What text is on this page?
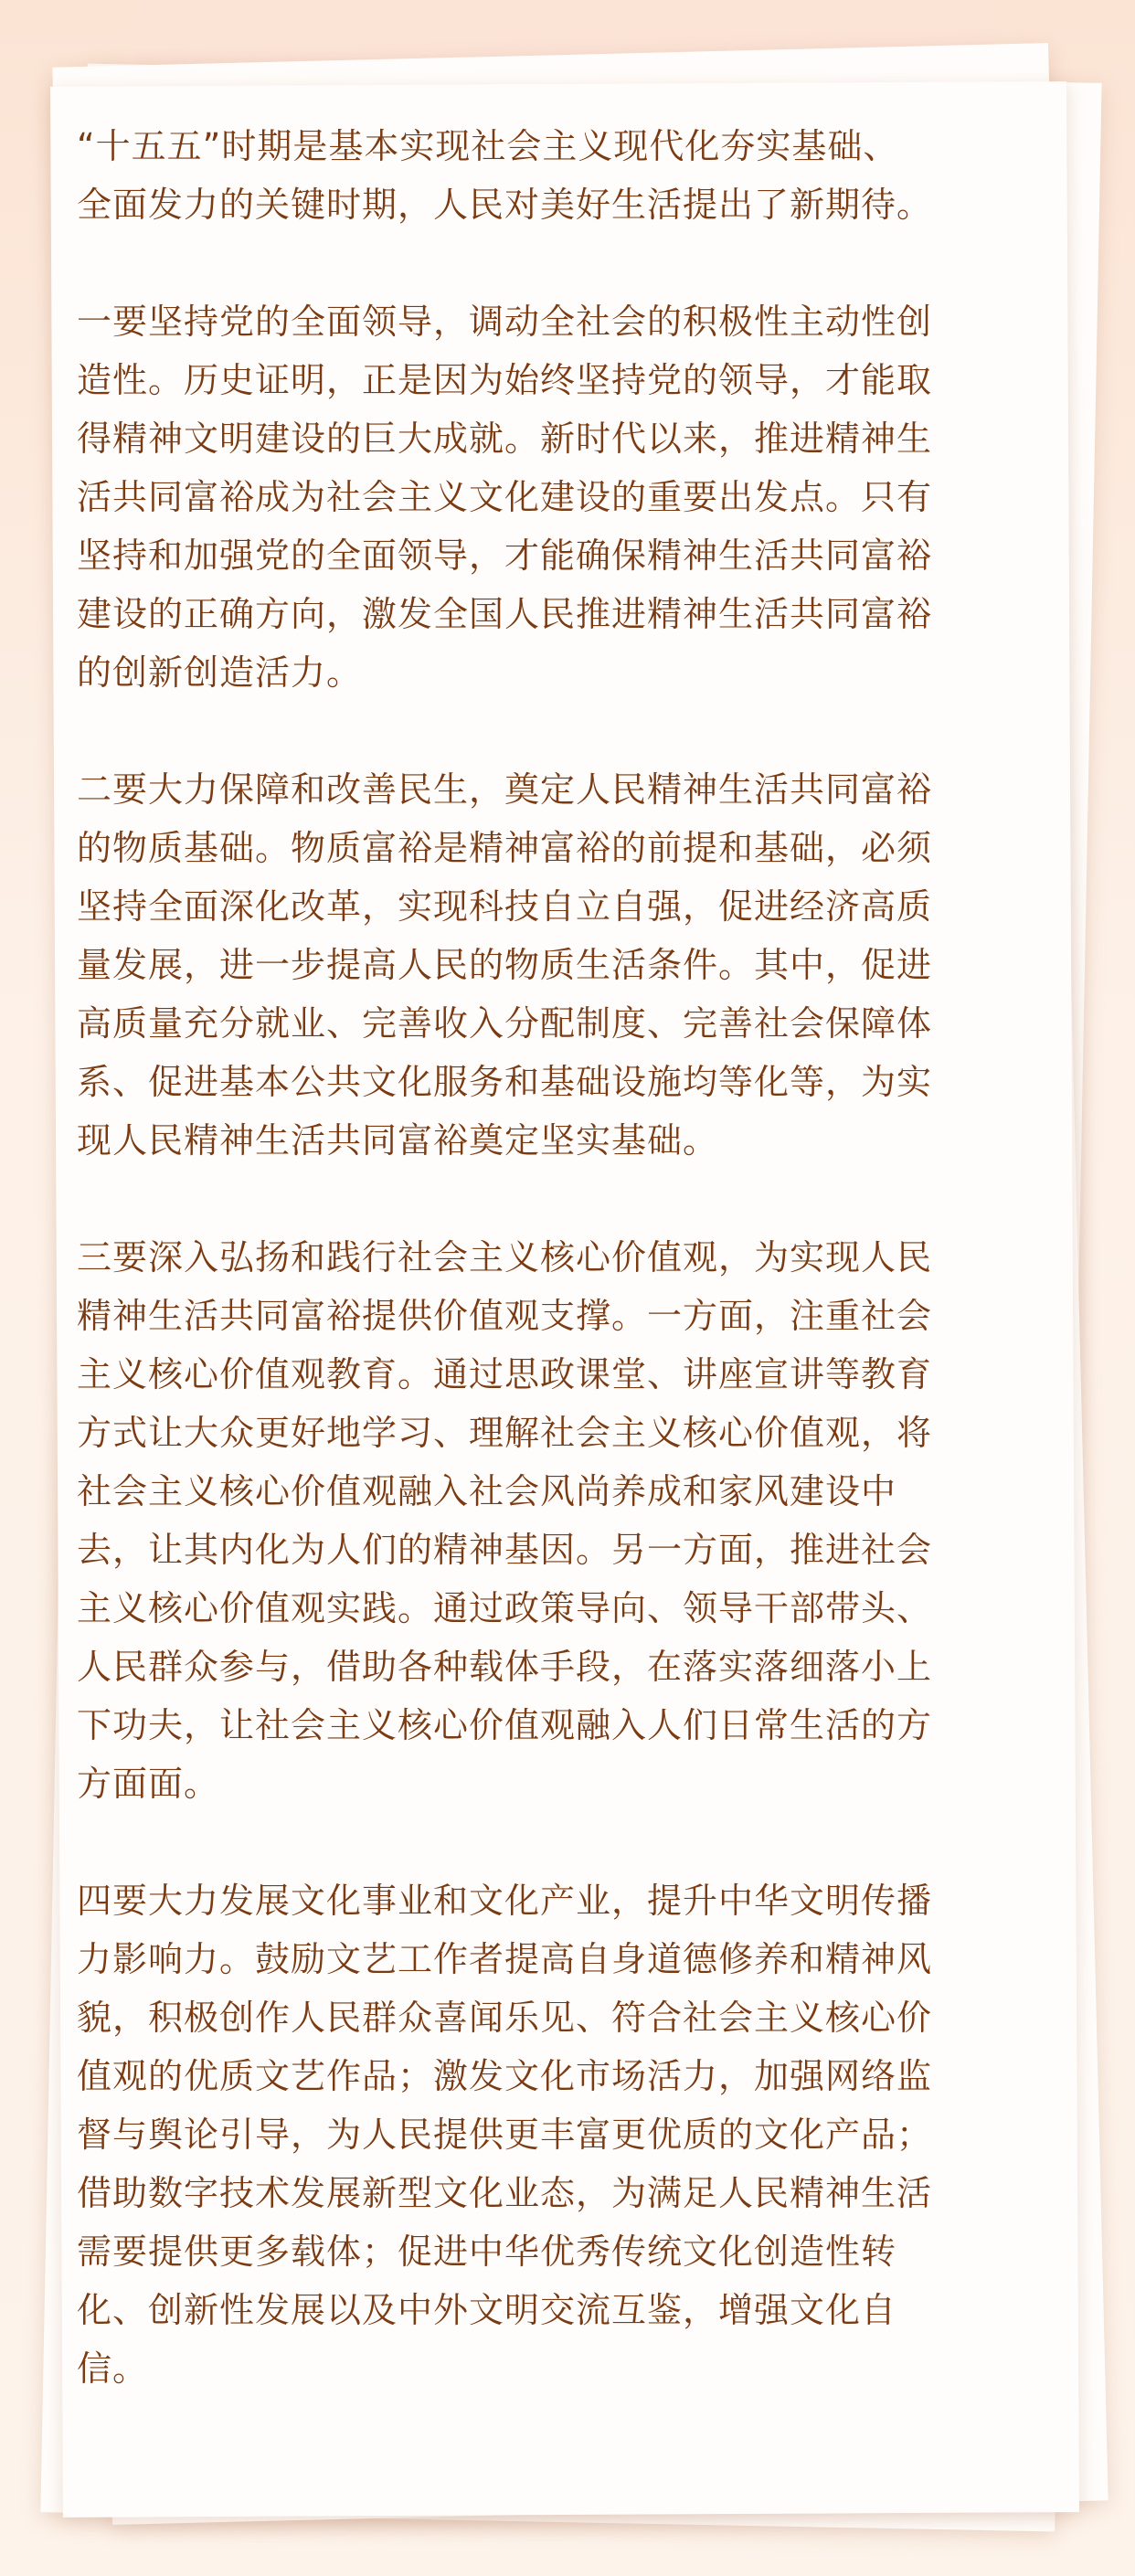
“十五五”时期是基本实现社会主义现代化夯实基础、
全面发力的关键时期，人民对美好生活提出了新期待。
一要坚持党的全面领导，调动全社会的积极性主动性创
造性。历史证明，正是因为始终坚持党的领导，才能取
得精神文明建设的巨大成就。新时代以来，推进精神生
活共同富裕成为社会主义文化建设的重要出发点。只有
坚持和加强党的全面领导，才能确保精神生活共同富裕
建设的正确方向，激发全国人民推进精神生活共同富裕
的创新创造活力。
二要大力保障和改善民生，奠定人民精神生活共同富裕
的物质基础。物质富裕是精神富裕的前提和基础，必须
坚持全面深化改革，实现科技自立自强，促进经济高质
量发展，进一步提高人民的物质生活条件。其中，促进
高质量充分就业、完善收入分配制度、完善社会保障体
系、促进基本公共文化服务和基础设施均等化等，为实
现人民精神生活共同富裕奠定坚实基础。
三要深入弘扬和践行社会主义核心价值观，为实现人民
精神生活共同富裕提供价值观支撑。一方面，注重社会
主义核心价值观教育。通过思政课堂、讲座宣讲等教育
方式让大众更好地学习、理解社会主义核心价值观，将
社会主义核心价值观融入社会风尚养成和家风建设中
去，让其内化为人们的精神基因。另一方面，推进社会
主义核心价值观实践。通过政策导向、领导干部带头、
人民群众参与，借助各种载体手段，在落实落细落小上
下功夫，让社会主义核心价值观融入人们日常生活的方
方面面。
四要大力发展文化事业和文化产业，提升中华文明传播
力影响力。鼓励文艺工作者提高自身道德修养和精神风
貌，积极创作人民群众喜闻乐见、符合社会主义核心价
值观的优质文艺作品；激发文化市场活力，加强网络监
督与舆论引导，为人民提供更丰富更优质的文化产品；
借助数字技术发展新型文化业态，为满足人民精神生活
需要提供更多载体；促进中华优秀传统文化创造性转
化、创新性发展以及中外文明交流互鉴，增强文化自
信。
